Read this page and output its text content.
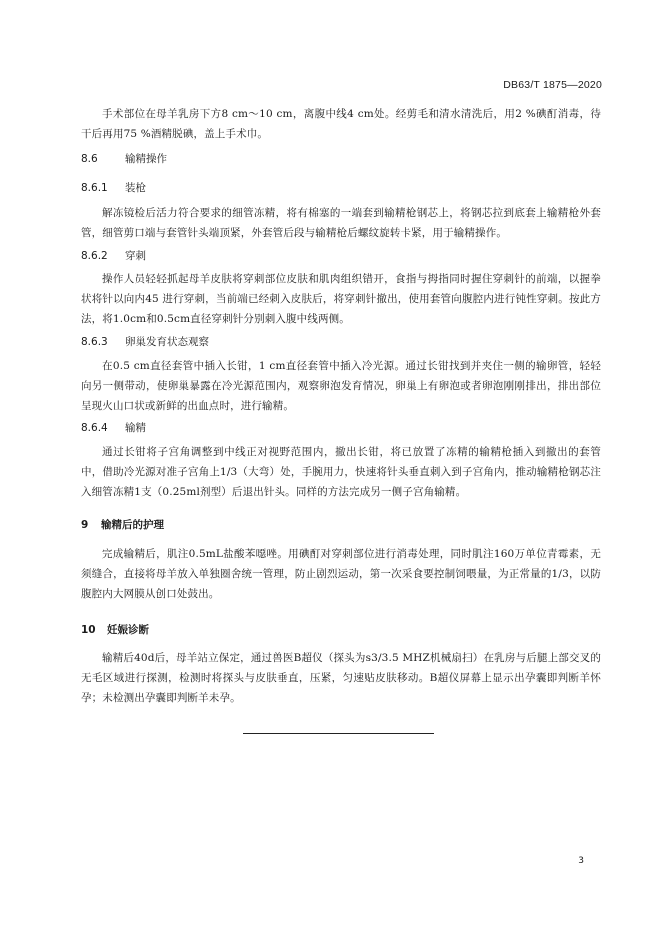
DB63/T 1875—2020

手术部位在母羊乳房下方8 cm～10 cm，离腹中线4 cm处。经剪毛和清水清洗后，用2 %碘酊消毒，待干后再用75 %酒精脱碘，盖上手术巾。

8.6	输精操作
8.6.1 装枪

解冻镜检后活力符合要求的细管冻精，将有棉塞的一端套到输精枪钢芯上，将钢芯拉到底套上输精枪外套管，细管剪口端与套管针头端顶紧，外套管后段与输精枪后螺纹旋转卡紧，用于输精操作。

8.6.2 穿刺

操作人员轻轻抓起母羊皮肤将穿刺部位皮肤和肌肉组织错开，食指与拇指同时握住穿刺针的前端，以握拳状将针以向内45 进行穿刺，当前端已经刺入皮肤后，将穿刺针撤出，使用套管向腹腔内进行钝性穿刺。按此方法，将1.0cm和0.5cm直径穿刺针分别刺入腹中线两侧。

8.6.3 卵巢发育状态观察

在0.5 cm直径套管中插入长钳，1 cm直径套管中插入冷光源。通过长钳找到并夹住一侧的输卵管，轻轻向另一侧带动，使卵巢暴露在冷光源范围内，观察卵泡发育情况，卵巢上有卵泡或者卵泡刚刚排出，排出部位呈现火山口状或新鲜的出血点时，进行输精。

8.6.4 输精

通过长钳将子宫角调整到中线正对视野范围内，撤出长钳，将已放置了冻精的输精枪插入到撤出的套管中，借助冷光源对准子宫角上1/3（大弯）处，手腕用力，快速将针头垂直刺入到子宫角内，推动输精枪钢芯注入细管冻精1支（0.25ml剂型）后退出针头。同样的方法完成另一侧子宫角输精。

9 输精后的护理

完成输精后，肌注0.5mL盐酸苯噁唑。用碘酊对穿刺部位进行消毒处理，同时肌注160万单位青霉素，无须缝合，直接将母羊放入单独圈舍统一管理，防止剧烈运动，第一次采食要控制饲喂量，为正常量的1/3，以防腹腔内大网膜从创口处鼓出。

10 妊娠诊断

输精后40d后，母羊站立保定，通过兽医B超仪（探头为s3/3.5 MHZ机械扇扫）在乳房与后腿上部交叉的无毛区域进行探测，检测时将探头与皮肤垂直，压紧，匀速贴皮肤移动。B超仪屏幕上显示出孕囊即判断羊怀孕；未检测出孕囊即判断羊未孕。

3
